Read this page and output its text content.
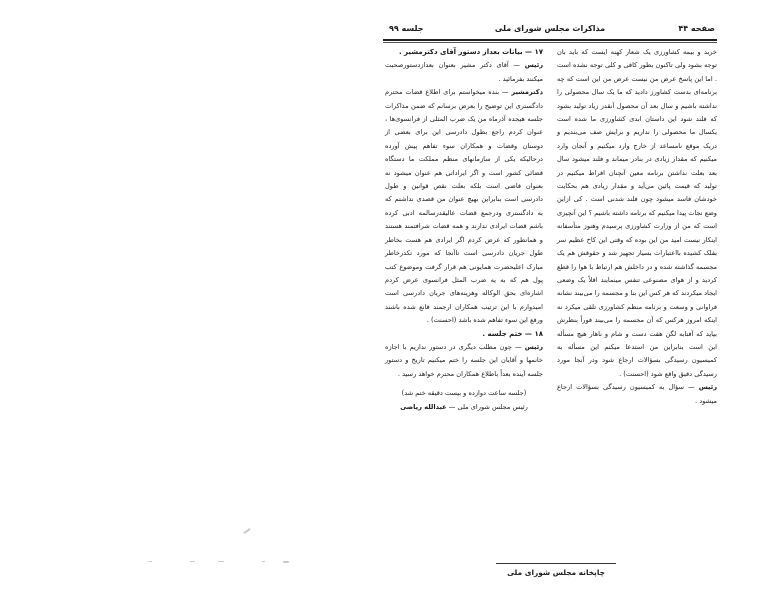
صفحه ۴۴
مذاکرات مجلس شورای ملی
جلسه ۹۹

خرید و بیمه کشاورزی یک شعار کهنه ایست که باید بان توجه بشود ولی تاکنون بطور کافی و کلی توجه نشده است . اما این پاسخ عرض من نیست عرض من این است که چه برنامه‌ای بدست کشاورز دادید که ما یک سال محصولی را نداشته باشیم و سال بعد آن محصول آنقدر زیاد تولید بشود که فلند شود این داستان ابدی کشاورزی ما شده است یکسال ما محصولی را نداریم و برایش صف می‌بندیم و دریک موقع نامساعد از خارج وارد میکنیم و آنجان وارد میکنیم که مقدار زیادی در بنادر میماند و فلند میشود سال بعد بعلت نداشتن برنامه معین آنچنان افراط میکنیم در تولید که قیمت پائین می‌آید و مقدار زیادی هم بحکایت خودشان فاسد میشود چون فلند شدنی است . کی ازاین وضع نجات پیدا میکنیم که برنامه داشته باشیم ؟ این آنچیزی است که من از وزارت کشاورزی پرسیدم وهنوز متأسفانه اینکار نیست امید من این بوده که وقتی این کاخ عظیم سر بفلک کشیده بااعتبارات بسیار تجهیز شد و حقوقش هم یک مجسمه گذاشته شده و در داخلش هم ارتباط با هوا را قطع کردید و از هوای مصنوعی تنفس مینمایند اقلاً یک وضعی ایجاد میکردند که هر کس این بنا و مجسمه را می‌بیند نشانه فراوانی و وسعت و برنامه منظم کشاورزی تلقی میکرد نه اینکه امروز هرکس که آن مجسمه را می‌بیند فوراً بنظرش بیاید که آفتابه لگن هفت دست و شام و ناهار هیچ مسأله این است بنابراین من استدعا میکنم این مسأله به کمیسیون رسیدگی بسؤالات ارجاع شود ودر آنجا مورد رسیدگی دقیق واقع شود (احسنت) .

رئیس — سؤال به کمیسیون رسیدگی بسؤالات ارجاع میشود .

۱۷ — بیانات بعداز دستور آقای دکترمشیر .

رئیس — آقای دکتر مشیر بعنوان بعدازدستورصحبت میکنند بفرمائید .

دکترمشیر — بنده میخواستم برای اطلاع قضات محترم دادگستری این توضیح را بعرض برسانم که ضمن مذاکرات جلسه هیجده آذرماه من یک ضرب المثلی از فرانسوی‌ها ، عنوان کردم راجع بطول دادرسی این برای بعضی از دوستان وقضات و همکاران سوء تفاهم پیش آورده درحالیکه یکی از سازمانهای منظم مملکت ما دستگاه قضائی کشور است و اگر ایراداتی هم عنوان میشود نه بعنوان قاضی است بلکه بعلت نقص قوانین و طول دادرسی است بنابراین بهیچ عنوان من قصدی نداشتم که به دادگستری ودرجمع قضات عالیقدرسالمه ادبی کرده باشم قضات ایرادی ندارند و همه قضات شرافتمند هستند و همانطور که عرض کردم اگر ایرادی هم هست بخاطر طول جریان دادرسی است تاآنجا که مورد تکدرخاطر مبارک اعلیحضرت همایونی هم قرار گرفت وموضوع کتب پول هم که به یه ضرب المثل فرانسوی عرض کردم اشاره‌ای بحق الوکاله وهزینه‌های جریان دادرسی است امیدوارم با این ترتیب همکاران ارجمند قانع شده باشند ورفع این سوء تفاهم شده باشد (احسنت) .

۱۸ — ختم جلسه .

رئیس — چون مطلب دیگری در دستور نداریم با اجازه خانمها و آقایان این جلسه را ختم میکنیم تاریخ و دستور جلسه آینده بعداً باطلاع همکاران محترم خواهد رسید .

(جلسه ساعت دوازده و بیست دقیقه ختم شد)

رئیس مجلس شورای ملی — عبدالله ریاضی

چاپخانه مجلس شورای ملی
